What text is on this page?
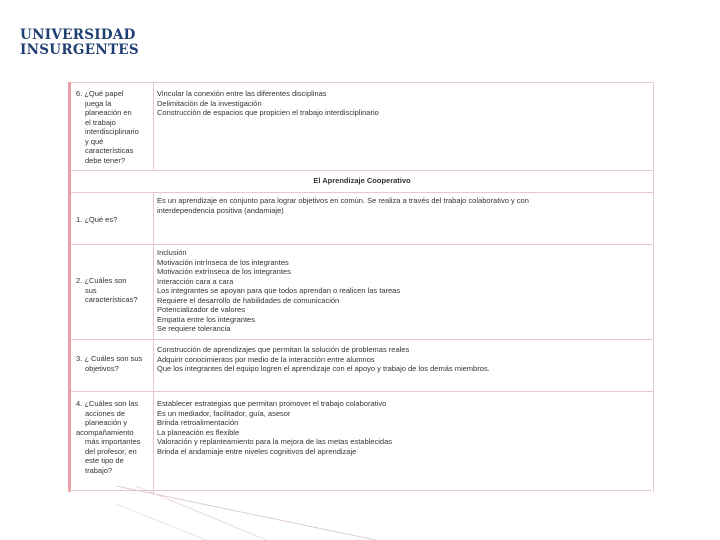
UNIVERSIDAD
INSURGENTES
6. ¿Qué papel
juega la
planeación en
el trabajo
interdisciplinario
y qué
características
debe tener?
Vincular la conexión entre las diferentes disciplinas
Delimitación de la investigación
Construcción de espacios que propicien el trabajo interdisciplinario
El Aprendizaje Cooperativo
1. ¿Qué es?
Es un aprendizaje en conjunto para lograr objetivos en común. Se realiza a través del trabajo colaborativo y con
interdependencia positiva (andamiaje)
2. ¿Cuáles son
sus
características?
Inclusión
Motivación intrínseca de los integrantes
Motivación extrínseca de los integrantes
Interacción cara a cara
Los integrantes se apoyan para que todos aprendan o realicen las tareas
Requiere el desarrollo de habilidades de comunicación
Potencializador de valores
Empatía entre los integrantes
Se requiere tolerancia
3. ¿ Cuáles son sus
objetivos?
Construcción de aprendizajes que permitan la solución de problemas reales
Adquirir conocimientos por medio de la interacción entre alumnos
Que los integrantes del equipo logren el aprendizaje con el apoyo y trabajo de los demás miembros.
4. ¿Cuáles son las
acciones de
planeación y
acompañamiento
más importantes
del profesor, en
este tipo de
trabajo?
Establecer estrategias que permitan promover el trabajo colaborativo
Es un mediador, facilitador, guía, asesor
Brinda retroalimentación
La planeación es flexible
Valoración y replanteamiento para la mejora de las metas establecidas
Brinda el andamiaje entre niveles cognitivos del aprendizaje
